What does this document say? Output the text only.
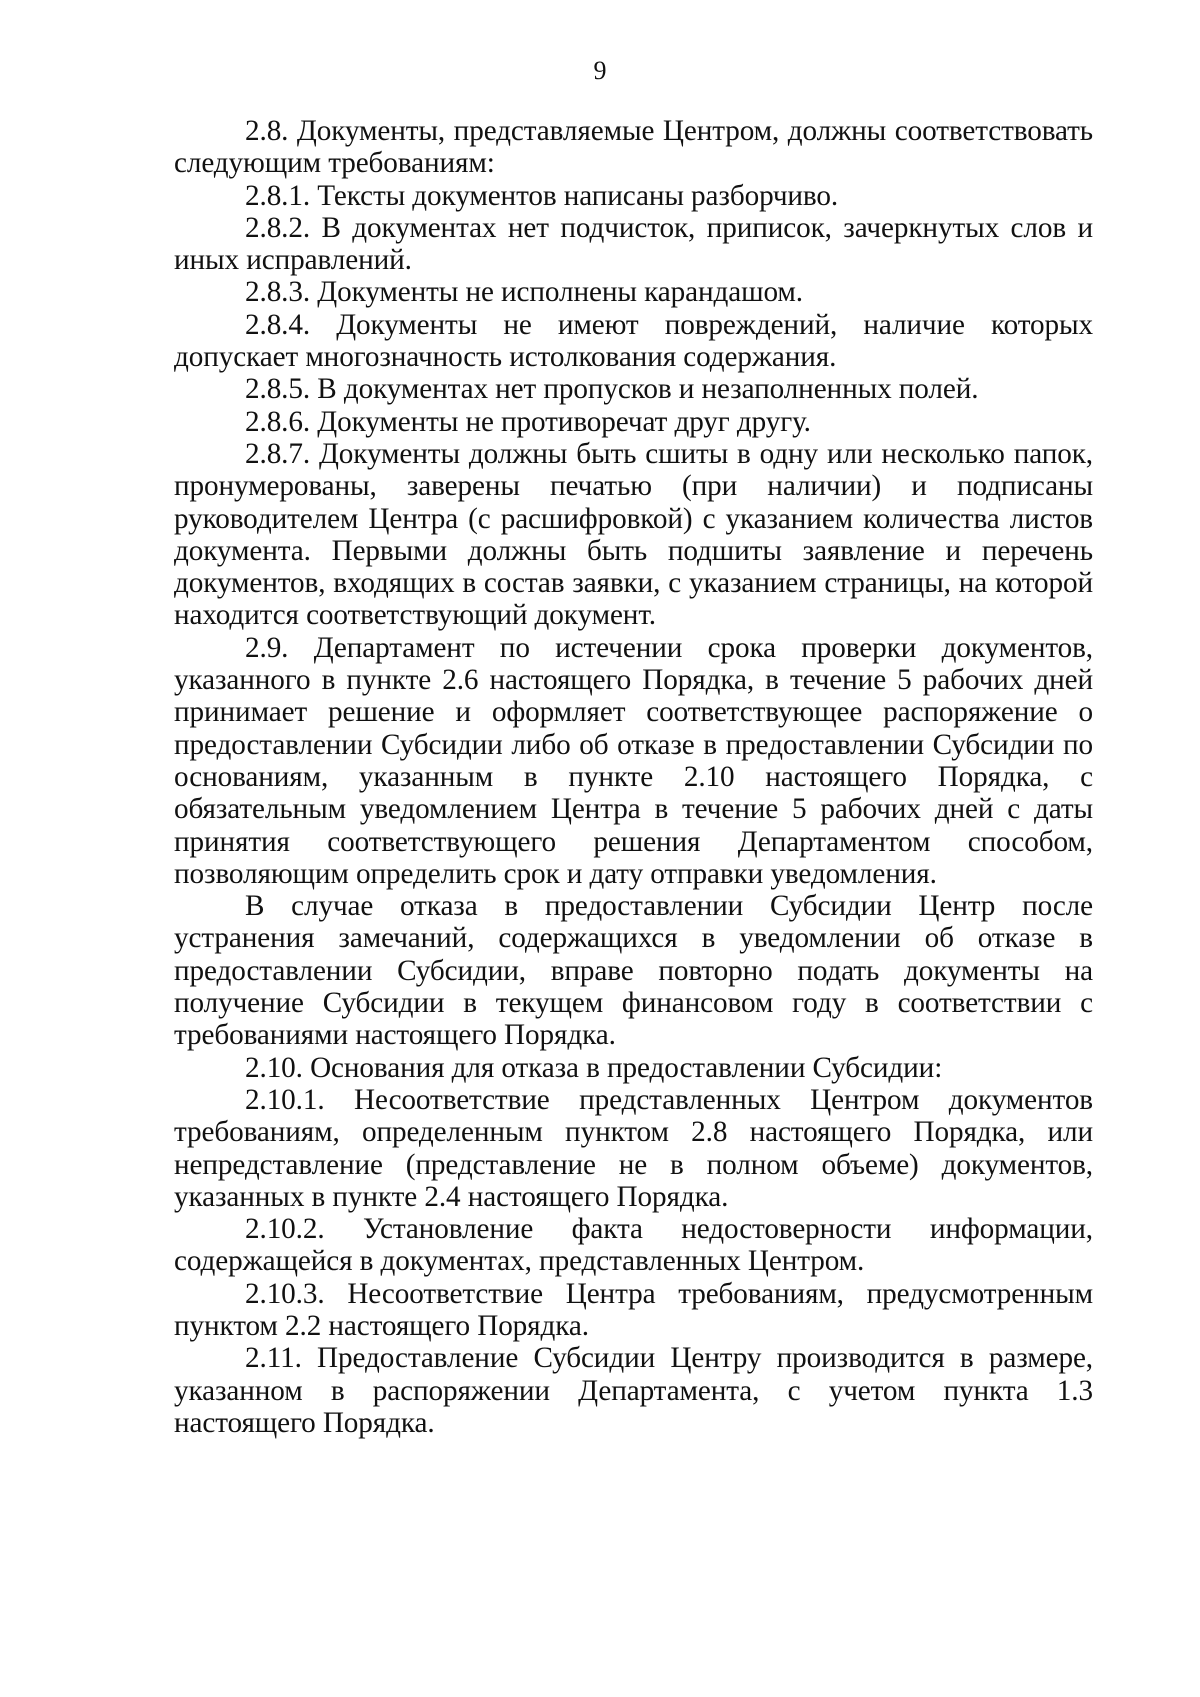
9

2.8. Документы, представляемые Центром, должны соответствовать следующим требованиям:

2.8.1. Тексты документов написаны разборчиво.

2.8.2. В документах нет подчисток, приписок, зачеркнутых слов и иных исправлений.

2.8.3. Документы не исполнены карандашом.

2.8.4. Документы не имеют повреждений, наличие которых допускает многозначность истолкования содержания.

2.8.5. В документах нет пропусков и незаполненных полей.

2.8.6. Документы не противоречат друг другу.

2.8.7. Документы должны быть сшиты в одну или несколько папок, пронумерованы, заверены печатью (при наличии) и подписаны руководителем Центра (с расшифровкой) с указанием количества листов документа. Первыми должны быть подшиты заявление и перечень документов, входящих в состав заявки, с указанием страницы, на которой находится соответствующий документ.

2.9. Департамент по истечении срока проверки документов, указанного в пункте 2.6 настоящего Порядка, в течение 5 рабочих дней принимает решение и оформляет соответствующее распоряжение о предоставлении Субсидии либо об отказе в предоставлении Субсидии по основаниям, указанным в пункте 2.10 настоящего Порядка, с обязательным уведомлением Центра в течение 5 рабочих дней с даты принятия соответствующего решения Департаментом способом, позволяющим определить срок и дату отправки уведомления.

В случае отказа в предоставлении Субсидии Центр после устранения замечаний, содержащихся в уведомлении об отказе в предоставлении Субсидии, вправе повторно подать документы на получение Субсидии в текущем финансовом году в соответствии с требованиями настоящего Порядка.

2.10. Основания для отказа в предоставлении Субсидии:

2.10.1. Несоответствие представленных Центром документов требованиям, определенным пунктом 2.8 настоящего Порядка, или непредставление (представление не в полном объеме) документов, указанных в пункте 2.4 настоящего Порядка.

2.10.2. Установление факта недостоверности информации, содержащейся в документах, представленных Центром.

2.10.3. Несоответствие Центра требованиям, предусмотренным пунктом 2.2 настоящего Порядка.

2.11. Предоставление Субсидии Центру производится в размере, указанном в распоряжении Департамента, с учетом пункта 1.3 настоящего Порядка.
